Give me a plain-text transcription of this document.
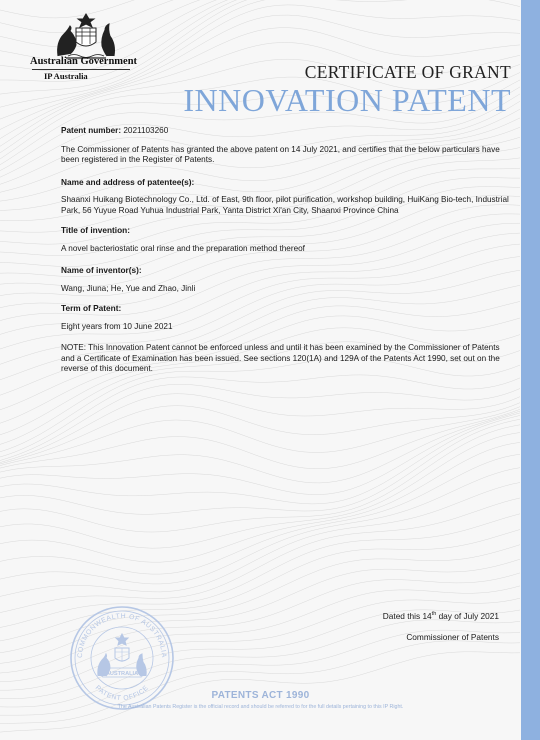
Australian Government
IP Australia	CERTIFICATE OF GRANT
INNOVATION PATENT

Patent number: 2021103260

The Commissioner of Patents has granted the above patent on 14 July 2021, and certifies that the below particulars have been registered in the Register of Patents.

Name and address of patentee(s):

Shaanxi Huikang Biotechnology Co., Ltd. of East, 9th floor, pilot purification, workshop building, HuiKang Bio-tech, Industrial Park, 56 Yuyue Road Yuhua Industrial Park, Yanta District Xi'an City, Shaanxi Province China

Title of invention:

A novel bacteriostatic oral rinse and the preparation method thereof

Name of inventor(s):

Wang, Jiuna; He, Yue and Zhao, Jinli

Term of Patent:

Eight years from 10 June 2021

NOTE: This Innovation Patent cannot be enforced unless and until it has been examined by the Commissioner of Patents and a Certificate of Examination has been issued. See sections 120(1A) and 129A of the Patents Act 1990, set out on the reverse of this document.

Dated this 14th day of July 2021
Commissioner of Patents
COMMONWEALTH OF AUSTRALIA
AUSTRALIA
PATENT OFFICE
PATENTS ACT 1990
The Australian Patents Register is the official record and should be referred to for the full details pertaining to this IP Right.
